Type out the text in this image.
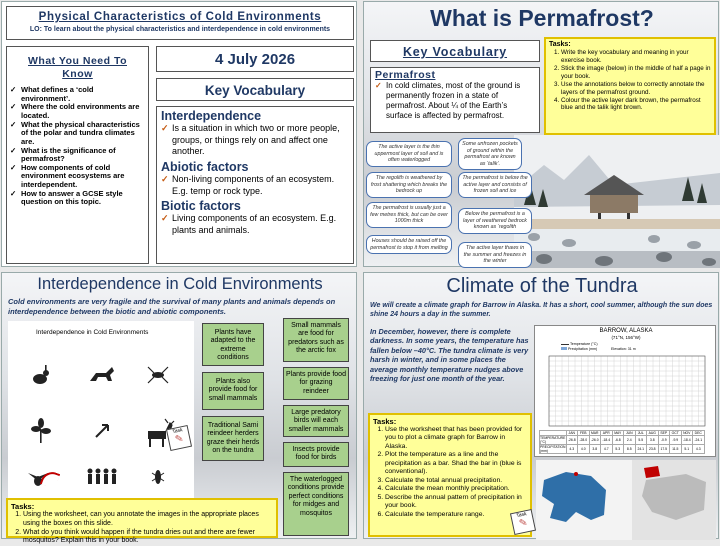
Physical Characteristics of Cold Environments
LO: To learn about the physical characteristics and interdependence in cold environments
What You Need To Know
✓ What defines a ‘cold environment’.
✓ Where the cold environments are located.
✓ What the physical characteristics of the polar and tundra climates are.
✓ What is the significance of permafrost?
✓ How components of cold environment ecosystems are interdependent.
✓ How to answer a GCSE style question on this topic.
4 July 2026
Key Vocabulary
Interdependence
✓ Is a situation in which two or more people, groups, or things rely on and affect one another.
Abiotic factors
✓ Non-living components of an ecosystem. E.g. temp or rock type.
Biotic factors
✓ Living components of an ecosystem. E.g. plants and animals.
What is Permafrost?
Key Vocabulary
Permafrost
✓ In cold climates, most of the ground is permanently frozen in a state of permafrost. About ¼ of the Earth’s surface is affected by permafrost.
Tasks:
1. Write the key vocabulary and meaning in your exercise book.
2. Stick the image (below) in the middle of half a page in your book.
3. Use the annotations below to correctly annotate the layers of the permafrost ground.
4. Colour the active layer dark brown, the permafrost blue and the talik light brown.
The active layer is the thin uppermost layer of soil and is often waterlogged
Some unfrozen pockets of ground within the permafrost are known as ‘talik’.
The regolith is weathered by frost shattering which breaks the bedrock up
The permafrost is below the active layer and consists of frozen soil and ice
The permafrost is usually just a few metres thick, but can be over 1000m thick
Below the permafrost is a layer of weathered bedrock known as ‘regolith
Houses should be raised off the permafrost to stop it from melting	The active layer thaws in the summer and freezes in the winter
Interdependence in Cold Environments
Cold environments are very fragile and the survival of many plants and animals depends on interdependence between the biotic and abiotic components.
Interdependence in Cold Environments
Task
✎
Plants have adapted to the extreme conditions
Plants also provide food for small mammals
Traditional Sami reindeer herders graze their herds on the tundra
Small mammals are food for predators such as the arctic fox
Plants provide food for grazing reindeer
Large predatory birds will each smaller mammals
Insects provide food for birds
The waterlogged conditions provide perfect conditions for midges and mosquitos
Tasks:
1. Using the worksheet, can you annotate the images in the appropriate places using the boxes on this slide.
2. What do you think would happen if the tundra dries out and there are fewer mosquitos? Explain this in your book.
Climate of the Tundra
We will create a climate graph for Barrow in Alaska. It has a short, cool summer, although the sun does shine 24 hours a day in the summer.
In December, however, there is complete darkness. In some years, the temperature has fallen below –40°C. The tundra climate is very harsh in winter, and in some places the average monthly temperature nudges above freezing for just one month of the year.
BARROW, ALASKA
(71°N, 156°W)
Temperature (°C)
Precipitation (mm)	Elevation: 31 m
	JAN	FEB	MAR	APR	MAY	JUN	JUL	AUG	SEP	OCT	NOV	DEC
TEMPERATURE (°C)	-26.8	-28.0	-26.0	-18.4	-6.8	2.4	5.5	3.8	-0.9	-9.9	-18.4	-24.1
PRECIPITATION (mm)	4.3	4.0	3.8	4.7	5.3	8.5	24.1	23.8	17.5	11.5	5.1	4.3
Tasks:
1. Use the worksheet that has been provided for you to plot a climate graph for Barrow in Alaska.
2. Plot the temperature as a line and the precipitation as a bar. Shad the bar in (blue is conventional).
3. Calculate the total annual precipitation.
4. Calculate the mean monthly precipitation.
5. Describe the annual pattern of precipitation in your book.
6. Calculate the temperature range.	Task
✎
